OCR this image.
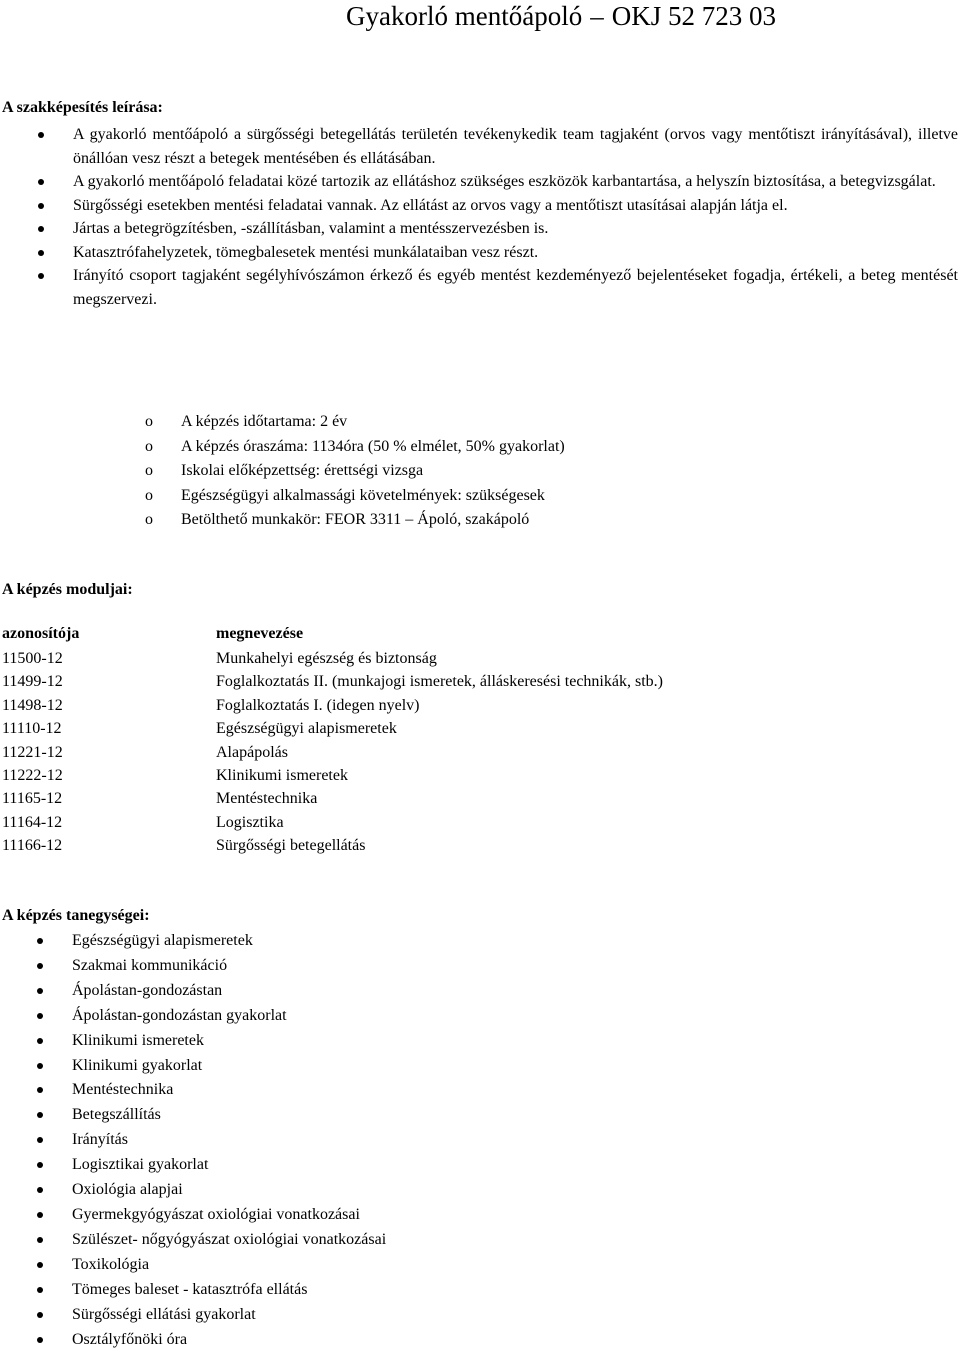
Gyakorló mentőápoló – OKJ 52 723 03
A szakképesítés leírása:
A gyakorló mentőápoló a sürgősségi betegellátás területén tevékenykedik team tagjaként (orvos vagy mentőtiszt irányításával), illetve önállóan vesz részt a betegek mentésében és ellátásában.
A gyakorló mentőápoló feladatai közé tartozik az ellátáshoz szükséges eszközök karbantartása, a helyszín biztosítása, a betegvizsgálat.
Sürgősségi esetekben mentési feladatai vannak. Az ellátást az orvos vagy a mentőtiszt utasításai alapján látja el.
Jártas a betegrögzítésben, -szállításban, valamint a mentésszervezésben is.
Katasztrófahelyzetek, tömegbalesetek mentési munkálataiban vesz részt.
Irányító csoport tagjaként segélyhívószámon érkező és egyéb mentést kezdeményező bejelentéseket fogadja, értékeli, a beteg mentését megszervezi.
o A képzés időtartama: 2 év
o A képzés óraszáma: 1134óra (50 % elmélet, 50% gyakorlat)
o Iskolai előképzettség: érettségi vizsga
o Egészségügyi alkalmassági követelmények: szükségesek
o Betölthető munkakör: FEOR 3311 – Ápoló, szakápoló
A képzés moduljai:
azonosítója	megnevezése
11500-12	Munkahelyi egészség és biztonság
11499-12	Foglalkoztatás II. (munkajogi ismeretek, álláskeresési technikák, stb.)
11498-12	Foglalkoztatás I. (idegen nyelv)
11110-12	Egészségügyi alapismeretek
11221-12	Alapápolás
11222-12	Klinikumi ismeretek
11165-12	Mentéstechnika
11164-12	Logisztika
11166-12	Sürgősségi betegellátás
A képzés tanegységei:
Egészségügyi alapismeretek
Szakmai kommunikáció
Ápolástan-gondozástan
Ápolástan-gondozástan gyakorlat
Klinikumi ismeretek
Klinikumi gyakorlat
Mentéstechnika
Betegszállítás
Irányítás
Logisztikai gyakorlat
Oxiológia alapjai
Gyermekgyógyászat oxiológiai vonatkozásai
Szülészet- nőgyógyászat oxiológiai vonatkozásai
Toxikológia
Tömeges baleset - katasztrófa ellátás
Sürgősségi ellátási gyakorlat
Osztályfőnöki óra
